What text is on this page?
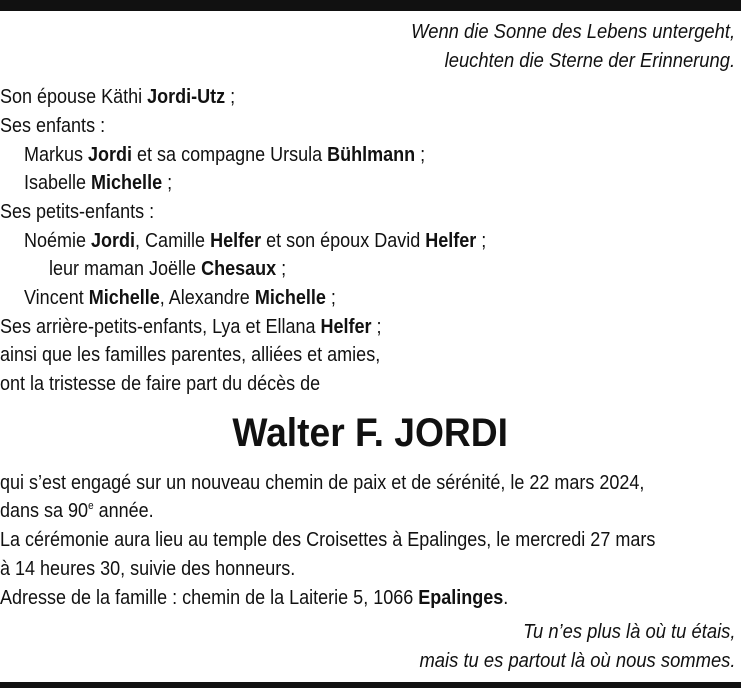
Wenn die Sonne des Lebens untergeht,
leuchten die Sterne der Erinnerung.
Son épouse Käthi Jordi-Utz ;
Ses enfants :
Markus Jordi et sa compagne Ursula Bühlmann ;
Isabelle Michelle ;
Ses petits-enfants :
Noémie Jordi, Camille Helfer et son époux David Helfer ;
leur maman Joëlle Chesaux ;
Vincent Michelle, Alexandre Michelle ;
Ses arrière-petits-enfants, Lya et Ellana Helfer ;
ainsi que les familles parentes, alliées et amies,
ont la tristesse de faire part du décès de
Walter F. JORDI
qui s’est engagé sur un nouveau chemin de paix et de sérénité, le 22 mars 2024,
dans sa 90e année.
La cérémonie aura lieu au temple des Croisettes à Epalinges, le mercredi 27 mars
à 14 heures 30, suivie des honneurs.
Adresse de la famille : chemin de la Laiterie 5, 1066 Epalinges.
Tu n’es plus là où tu étais,
mais tu es partout là où nous sommes.
